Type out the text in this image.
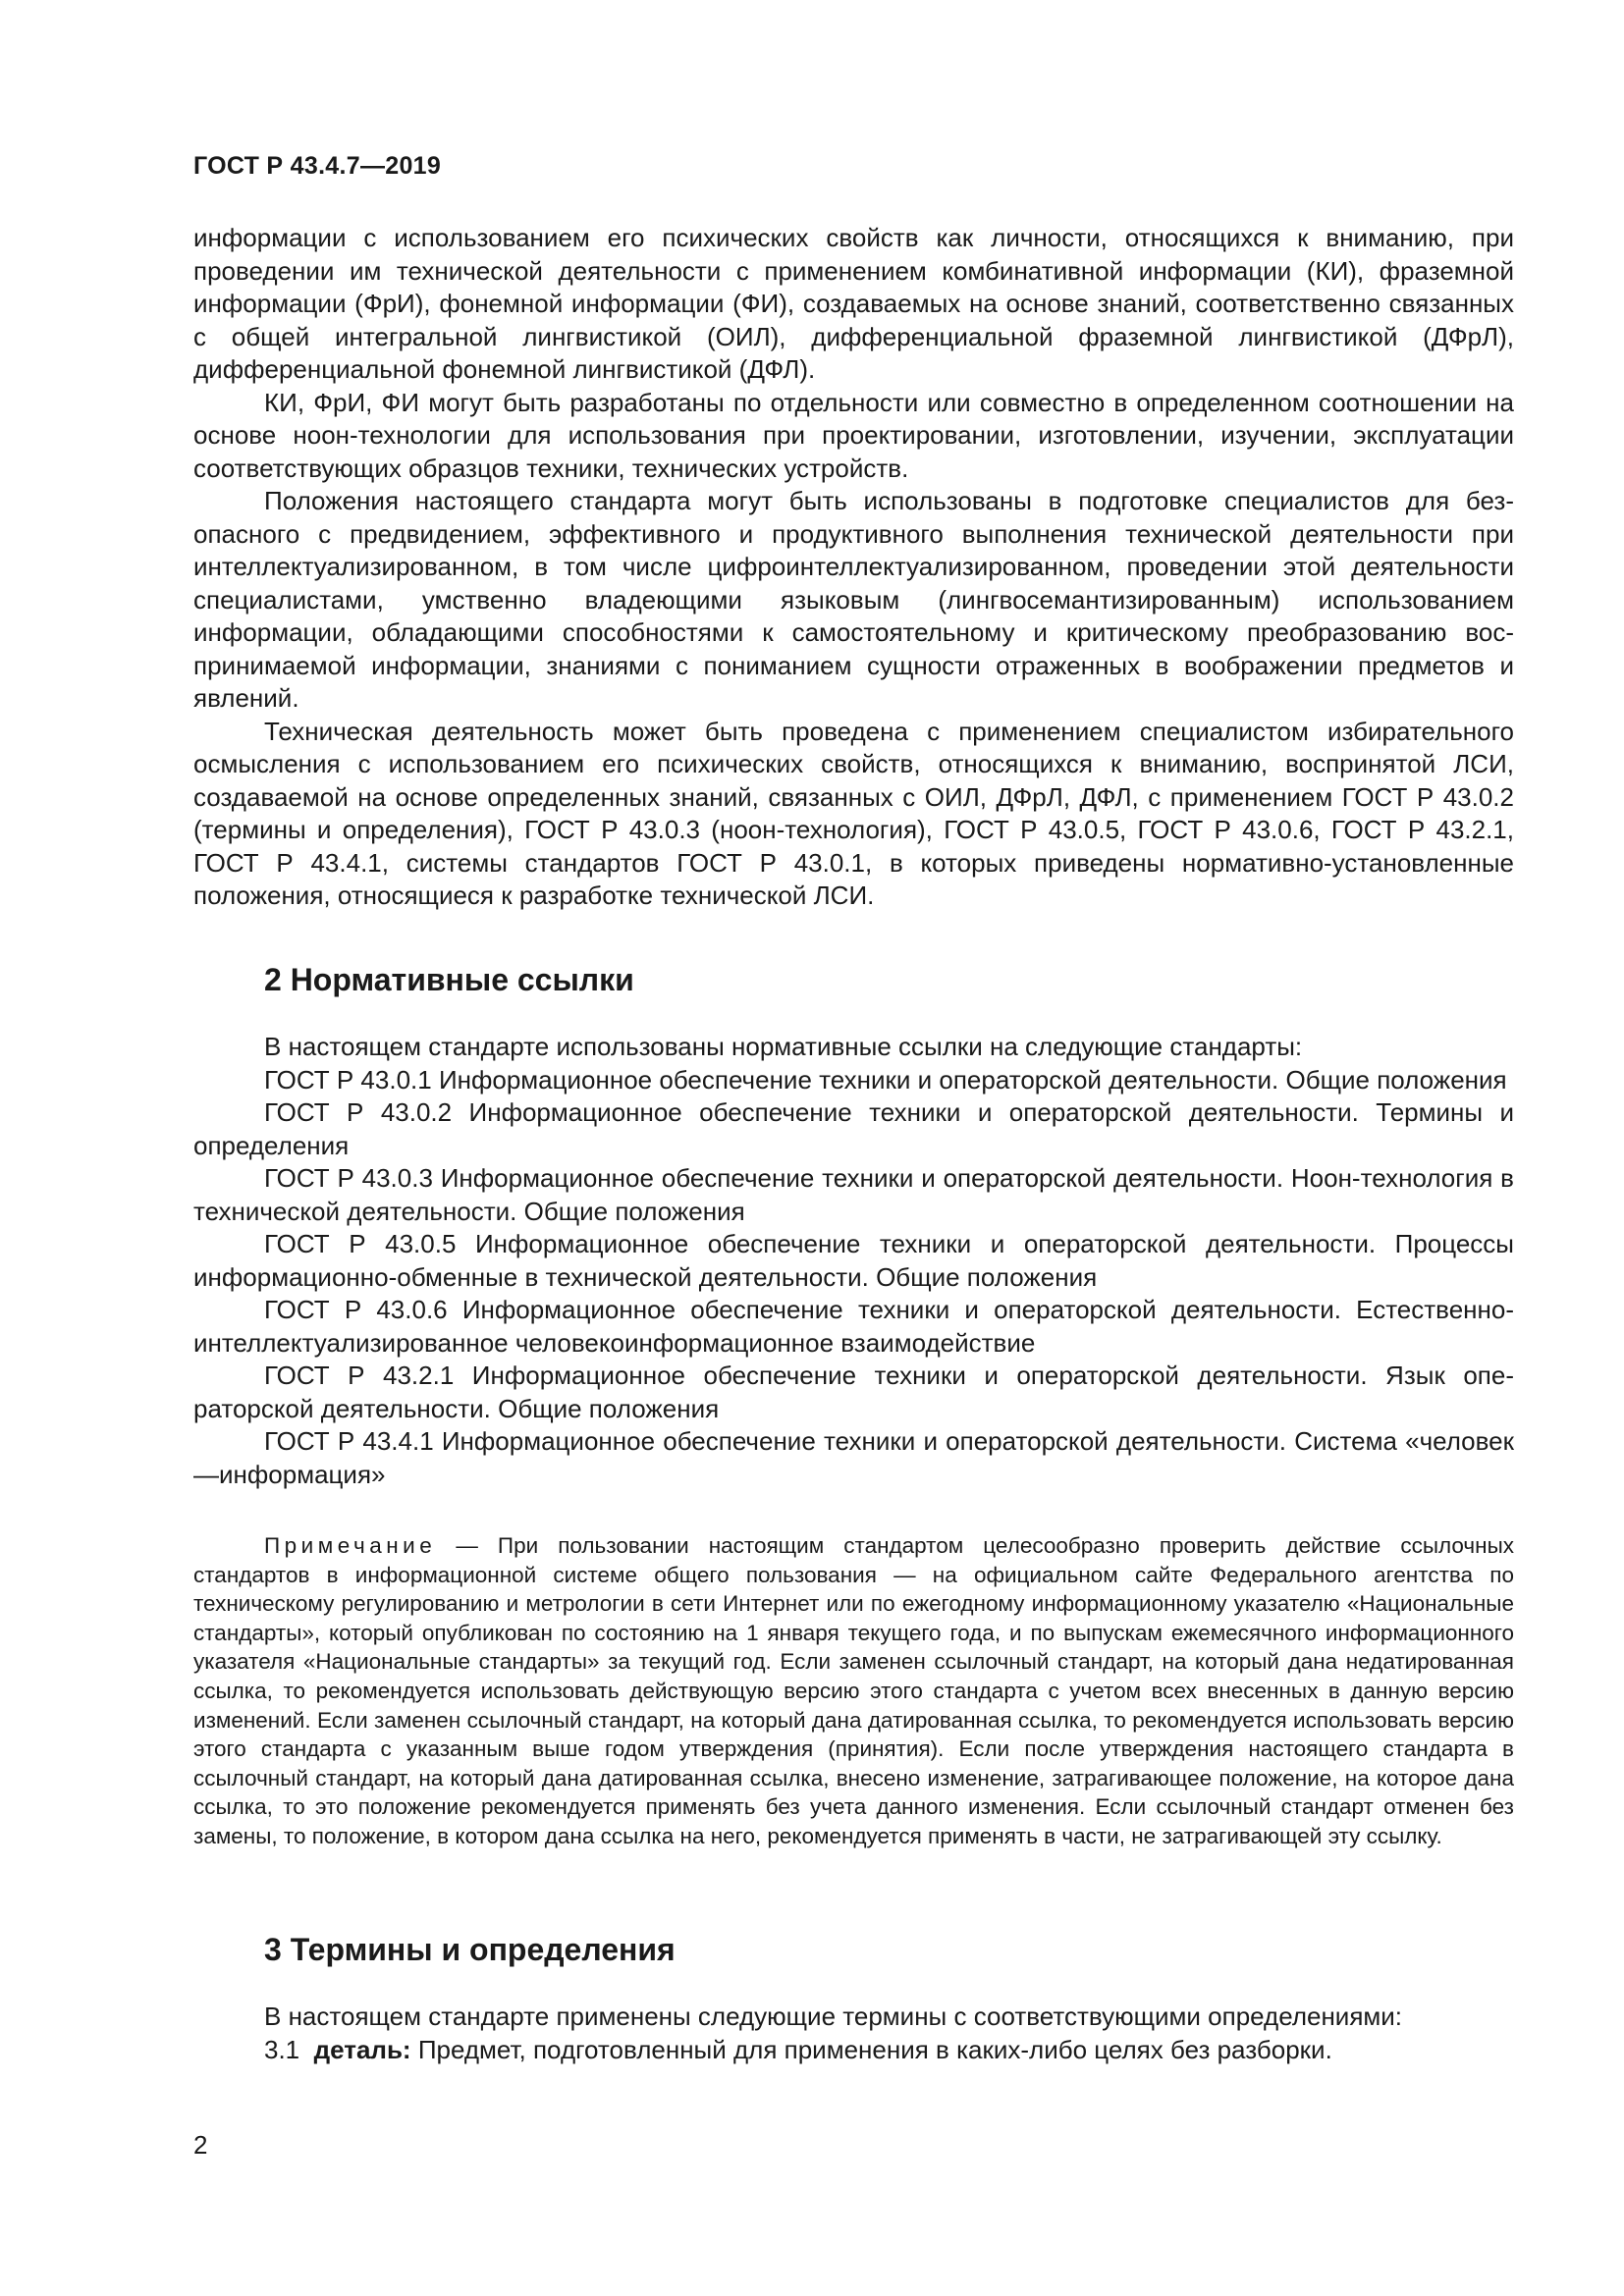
ГОСТ Р 43.4.7—2019

информации с использованием его психических свойств как личности, относящихся к вниманию, при проведении им технической деятельности с применением комбинативной информации (КИ), фраземной информации (ФрИ), фонемной информации (ФИ), создаваемых на основе знаний, соответственно связанных с общей интегральной лингвистикой (ОИЛ), дифференциальной фраземной лингвистикой (ДФрЛ), дифференциальной фонемной лингвистикой (ДФЛ).

КИ, ФрИ, ФИ могут быть разработаны по отдельности или совместно в определенном соотношении на основе ноон-технологии для использования при проектировании, изготовлении, изучении, эксплуатации соответствующих образцов техники, технических устройств.

Положения настоящего стандарта могут быть использованы в подготовке специалистов для безопасного с предвидением, эффективного и продуктивного выполнения технической деятельности при интеллектуализированном, в том числе цифроинтеллектуализированном, проведении этой деятельности специалистами, умственно владеющими языковым (лингвосемантизированным) использованием информации, обладающими способностями к самостоятельному и критическому преобразованию воспринимаемой информации, знаниями с пониманием сущности отраженных в воображении предметов и явлений.

Техническая деятельность может быть проведена с применением специалистом избирательного осмысления с использованием его психических свойств, относящихся к вниманию, воспринятой ЛСИ, создаваемой на основе определенных знаний, связанных с ОИЛ, ДФрЛ, ДФЛ, с применением ГОСТ Р 43.0.2 (термины и определения), ГОСТ Р 43.0.3 (ноон-технология), ГОСТ Р 43.0.5, ГОСТ Р 43.0.6, ГОСТ Р 43.2.1, ГОСТ Р 43.4.1, системы стандартов ГОСТ Р 43.0.1, в которых приведены нормативно-установленные положения, относящиеся к разработке технической ЛСИ.

2 Нормативные ссылки

В настоящем стандарте использованы нормативные ссылки на следующие стандарты:

ГОСТ Р 43.0.1 Информационное обеспечение техники и операторской деятельности. Общие положения

ГОСТ Р 43.0.2 Информационное обеспечение техники и операторской деятельности. Термины и определения

ГОСТ Р 43.0.3 Информационное обеспечение техники и операторской деятельности. Ноон-технология в технической деятельности. Общие положения

ГОСТ Р 43.0.5 Информационное обеспечение техники и операторской деятельности. Процессы информационно-обменные в технической деятельности. Общие положения

ГОСТ Р 43.0.6 Информационное обеспечение техники и операторской деятельности. Естественно-интеллектуализированное человекоинформационное взаимодействие

ГОСТ Р 43.2.1 Информационное обеспечение техники и операторской деятельности. Язык операторской деятельности. Общие положения

ГОСТ Р 43.4.1 Информационное обеспечение техники и операторской деятельности. Система «человек—информация»

Примечание — При пользовании настоящим стандартом целесообразно проверить действие ссылочных стандартов в информационной системе общего пользования — на официальном сайте Федерального агентства по техническому регулированию и метрологии в сети Интернет или по ежегодному информационному указателю «Национальные стандарты», который опубликован по состоянию на 1 января текущего года, и по выпускам ежемесячного информационного указателя «Национальные стандарты» за текущий год. Если заменен ссылочный стандарт, на который дана недатированная ссылка, то рекомендуется использовать действующую версию этого стандарта с учетом всех внесенных в данную версию изменений. Если заменен ссылочный стандарт, на который дана датированная ссылка, то рекомендуется использовать версию этого стандарта с указанным выше годом утверждения (принятия). Если после утверждения настоящего стандарта в ссылочный стандарт, на который дана датированная ссылка, внесено изменение, затрагивающее положение, на которое дана ссылка, то это положение рекомендуется применять без учета данного изменения. Если ссылочный стандарт отменен без замены, то положение, в котором дана ссылка на него, рекомендуется применять в части, не затрагивающей эту ссылку.

3 Термины и определения

В настоящем стандарте применены следующие термины с соответствующими определениями:

3.1 деталь: Предмет, подготовленный для применения в каких-либо целях без разборки.

2
